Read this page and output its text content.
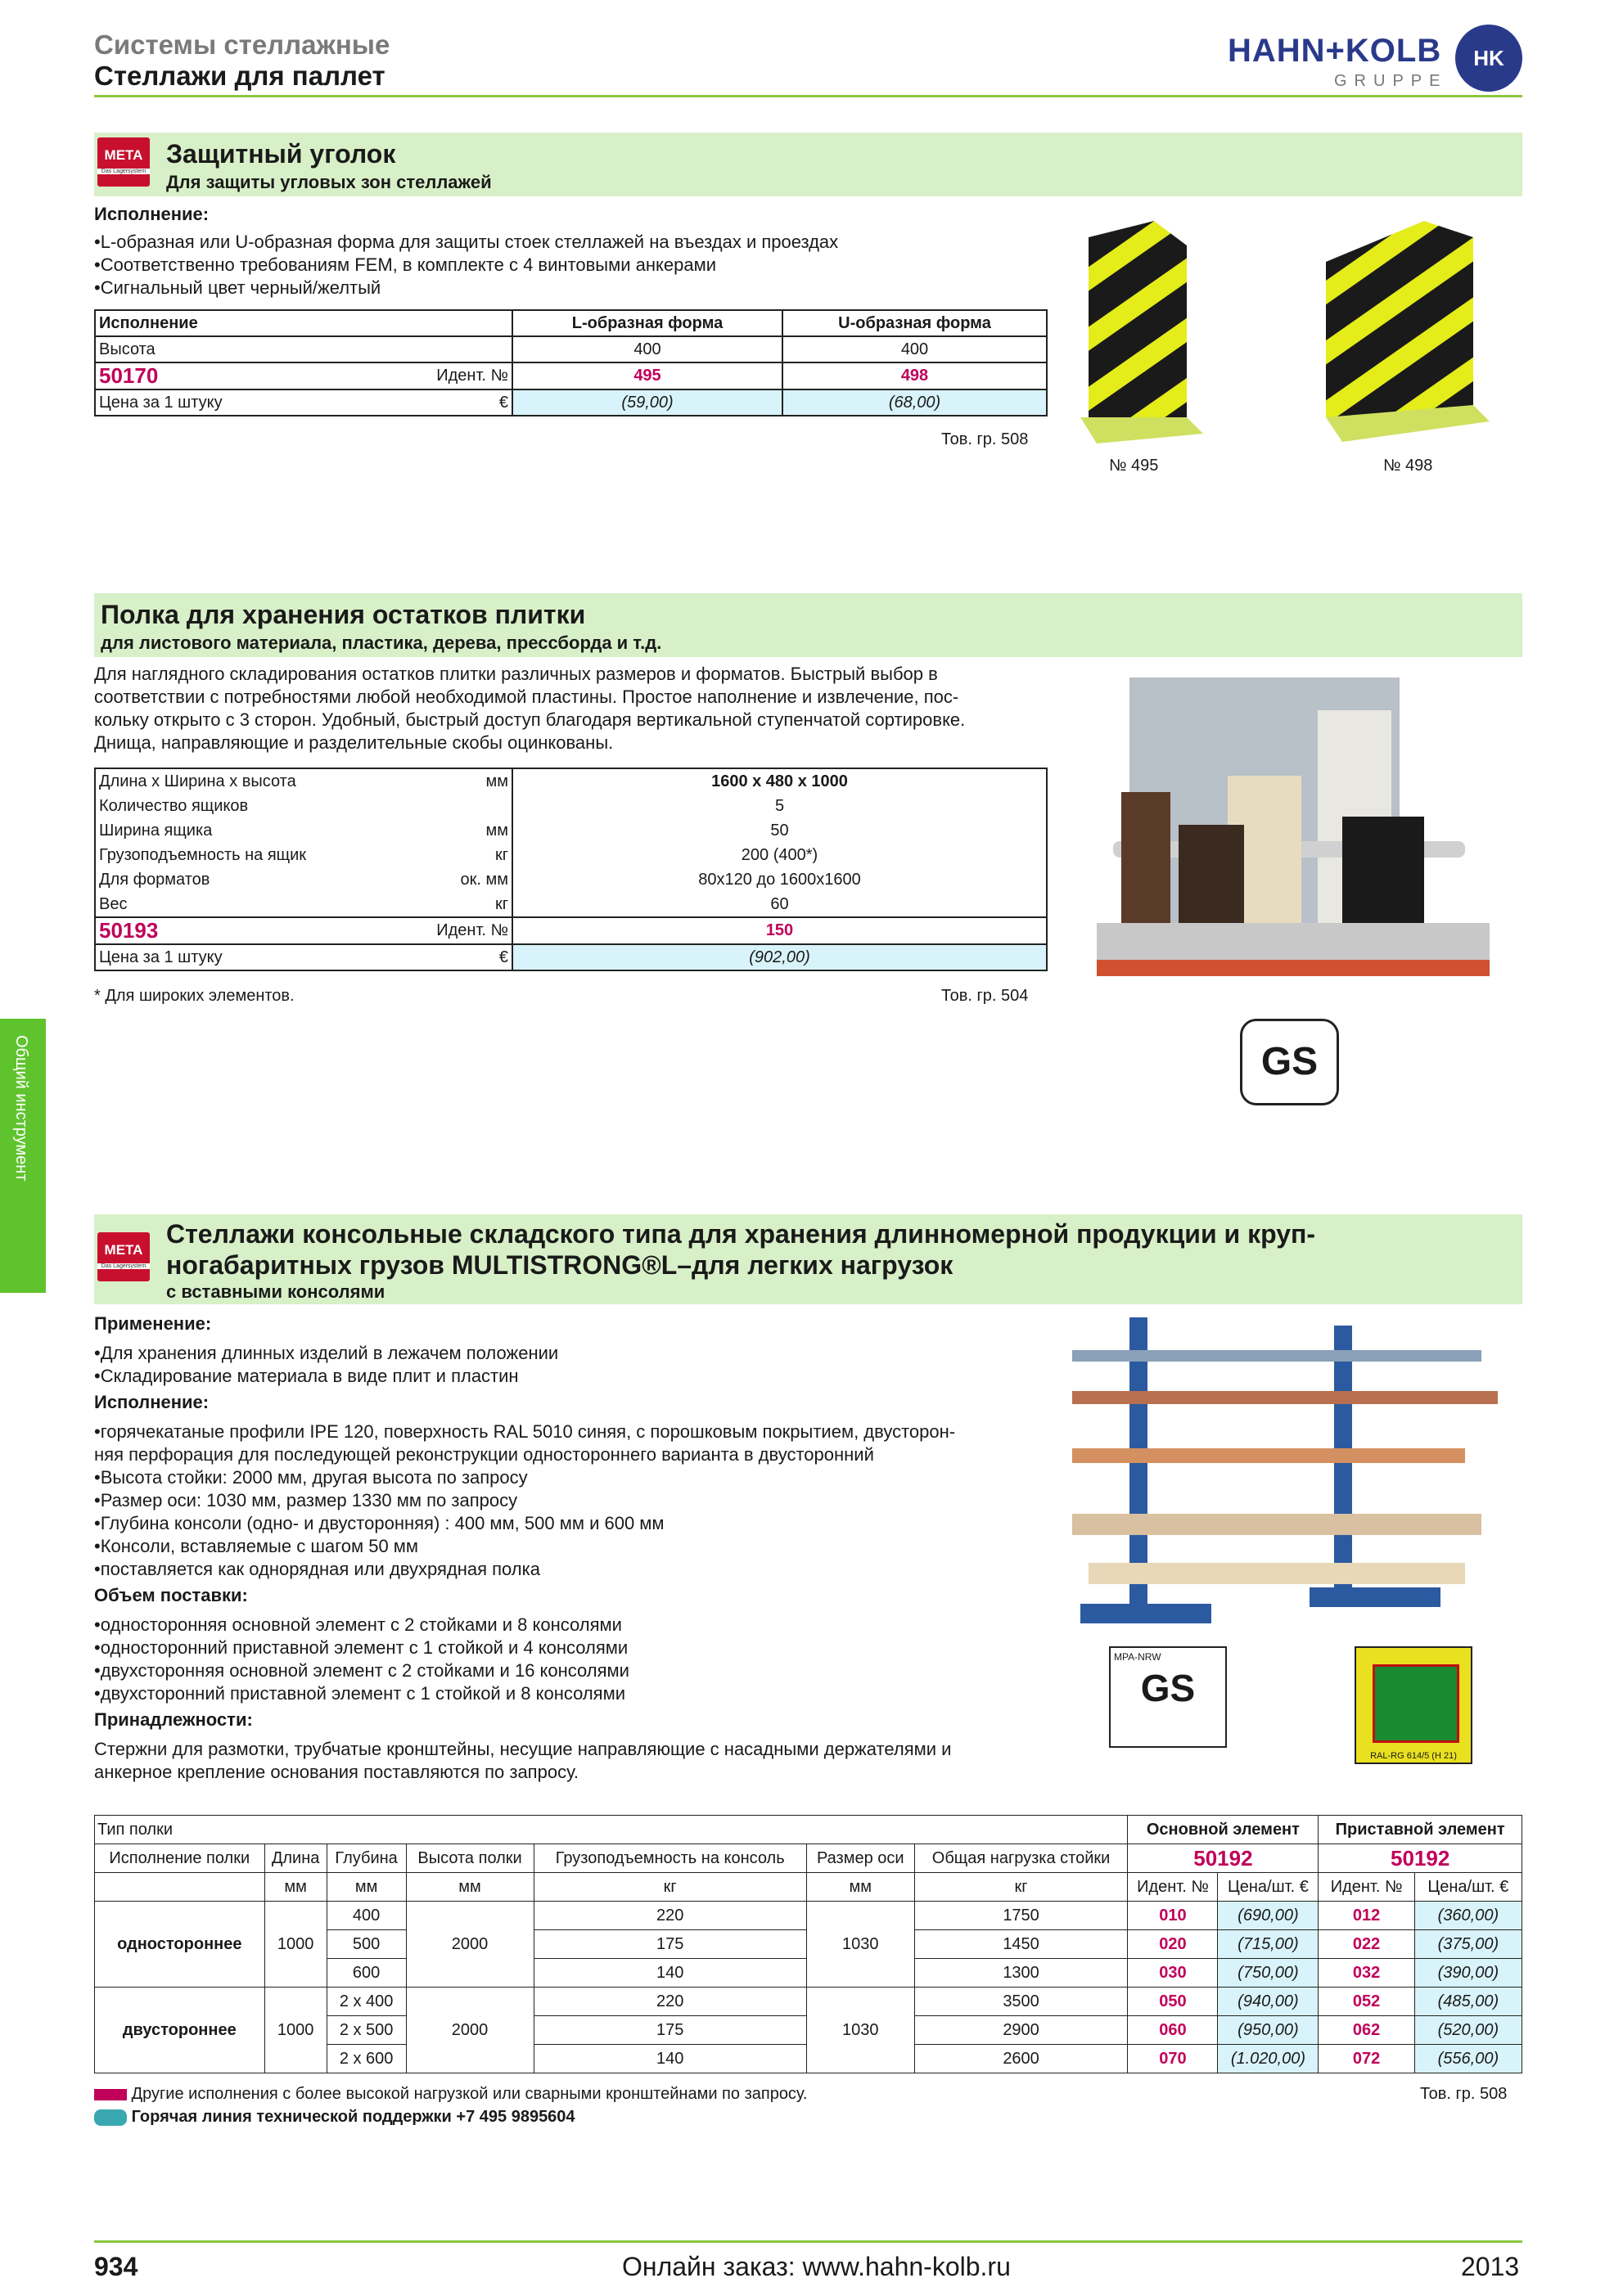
Системы стеллажные
Стеллажи для паллет
HAHN+KOLB
GRUPPE
HK
Общий инструмент
META
Das Lagersystem
Защитный уголок
Для защиты угловых зон стеллажей
Исполнение:
•L-образная или U-образная форма для защиты стоек стеллажей на въездах и проездах
•Соответственно требованиям FEM, в комплекте с 4 винтовыми анкерами
•Сигнальный цвет черный/желтый
Исполнение	L-образная форма	U-образная форма
Высота	400	400
50170 Идент. №	495	498
Цена за 1 штуку €	(59,00)	(68,00)
Тов. гр. 508
№ 495	№ 498
Полка для хранения остатков плитки
для листового материала, пластика, дерева, прессборда и т.д.
Для наглядного складирования остатков плитки различных размеров и форматов. Быстрый выбор в
соответствии с потребностями любой необходимой пластины. Простое наполнение и извлечение, пос-
кольку открыто с 3 сторон. Удобный, быстрый доступ благодаря вертикальной ступенчатой сортировке.
Днища, направляющие и разделительные скобы оцинкованы.
Длина x Ширина x высота мм	1600 x 480 x 1000
Количество ящиков	5
Ширина ящика мм	50
Грузоподъемность на ящик кг	200 (400*)
Для форматов ок. мм	80x120 до 1600x1600
Вес кг	60
50193 Идент. №	150
Цена за 1 штуку €	(902,00)
* Для широких элементов.	Тов. гр. 504
GS
META
Das Lagersystem
Стеллажи консольные складского типа для хранения длинномерной продукции и круп-
ногабаритных грузов MULTISTRONG®L–для легких нагрузок
с вставными консолями
Применение:
•Для хранения длинных изделий в лежачем положении
•Складирование материала в виде плит и пластин
Исполнение:
•горячекатаные профили IPE 120, поверхность RAL 5010 синяя, с порошковым покрытием, двусторон-
няя перфорация для последующей реконструкции одностороннего варианта в двусторонний
•Высота стойки: 2000 мм, другая высота по запросу
•Размер оси: 1030 мм, размер 1330 мм по запросу
•Глубина консоли (одно- и двусторонняя) : 400 мм, 500 мм и 600 мм
•Консоли, вставляемые с шагом 50 мм
•поставляется как однорядная или двухрядная полка
Объем поставки:
•односторонняя основной элемент с 2 стойками и 8 консолями
•односторонний приставной элемент с 1 стойкой и 4 консолями
•двухсторонняя основной элемент с 2 стойками и 16 консолями
•двухсторонний приставной элемент с 1 стойкой и 8 консолями
Принадлежности:
Стержни для размотки, трубчатые кронштейны, несущие направляющие с насадными держателями и
анкерное крепление основания поставляются по запросу.
MPA-NRW
GS
RAL-RG 614/5 (H 21)
Тип полки							Основной элемент		Приставной элемент	
Исполнение полки	Длина	Глубина	Высота полки	Грузоподъемность на консоль	Размер оси	Общая нагрузка стойки	50192		50192	
	мм	мм	мм	кг	мм	кг	Идент. №	Цена/шт. €	Идент. №	Цена/шт. €
одностороннее	1000	400	2000	220	1030	1750	010	(690,00)	012	(360,00)
		500		175		1450	020	(715,00)	022	(375,00)
		600		140		1300	030	(750,00)	032	(390,00)
двустороннее	1000	2 x 400	2000	220	1030	3500	050	(940,00)	052	(485,00)
		2 x 500		175		2900	060	(950,00)	062	(520,00)
		2 x 600		140		2600	070	(1.020,00)	072	(556,00)
Другие исполнения с более высокой нагрузкой или сварными кронштейнами по запросу.
Горячая линия технической поддержки +7 495 9895604
Тов. гр. 508
934	Онлайн заказ: www.hahn-kolb.ru	2013
